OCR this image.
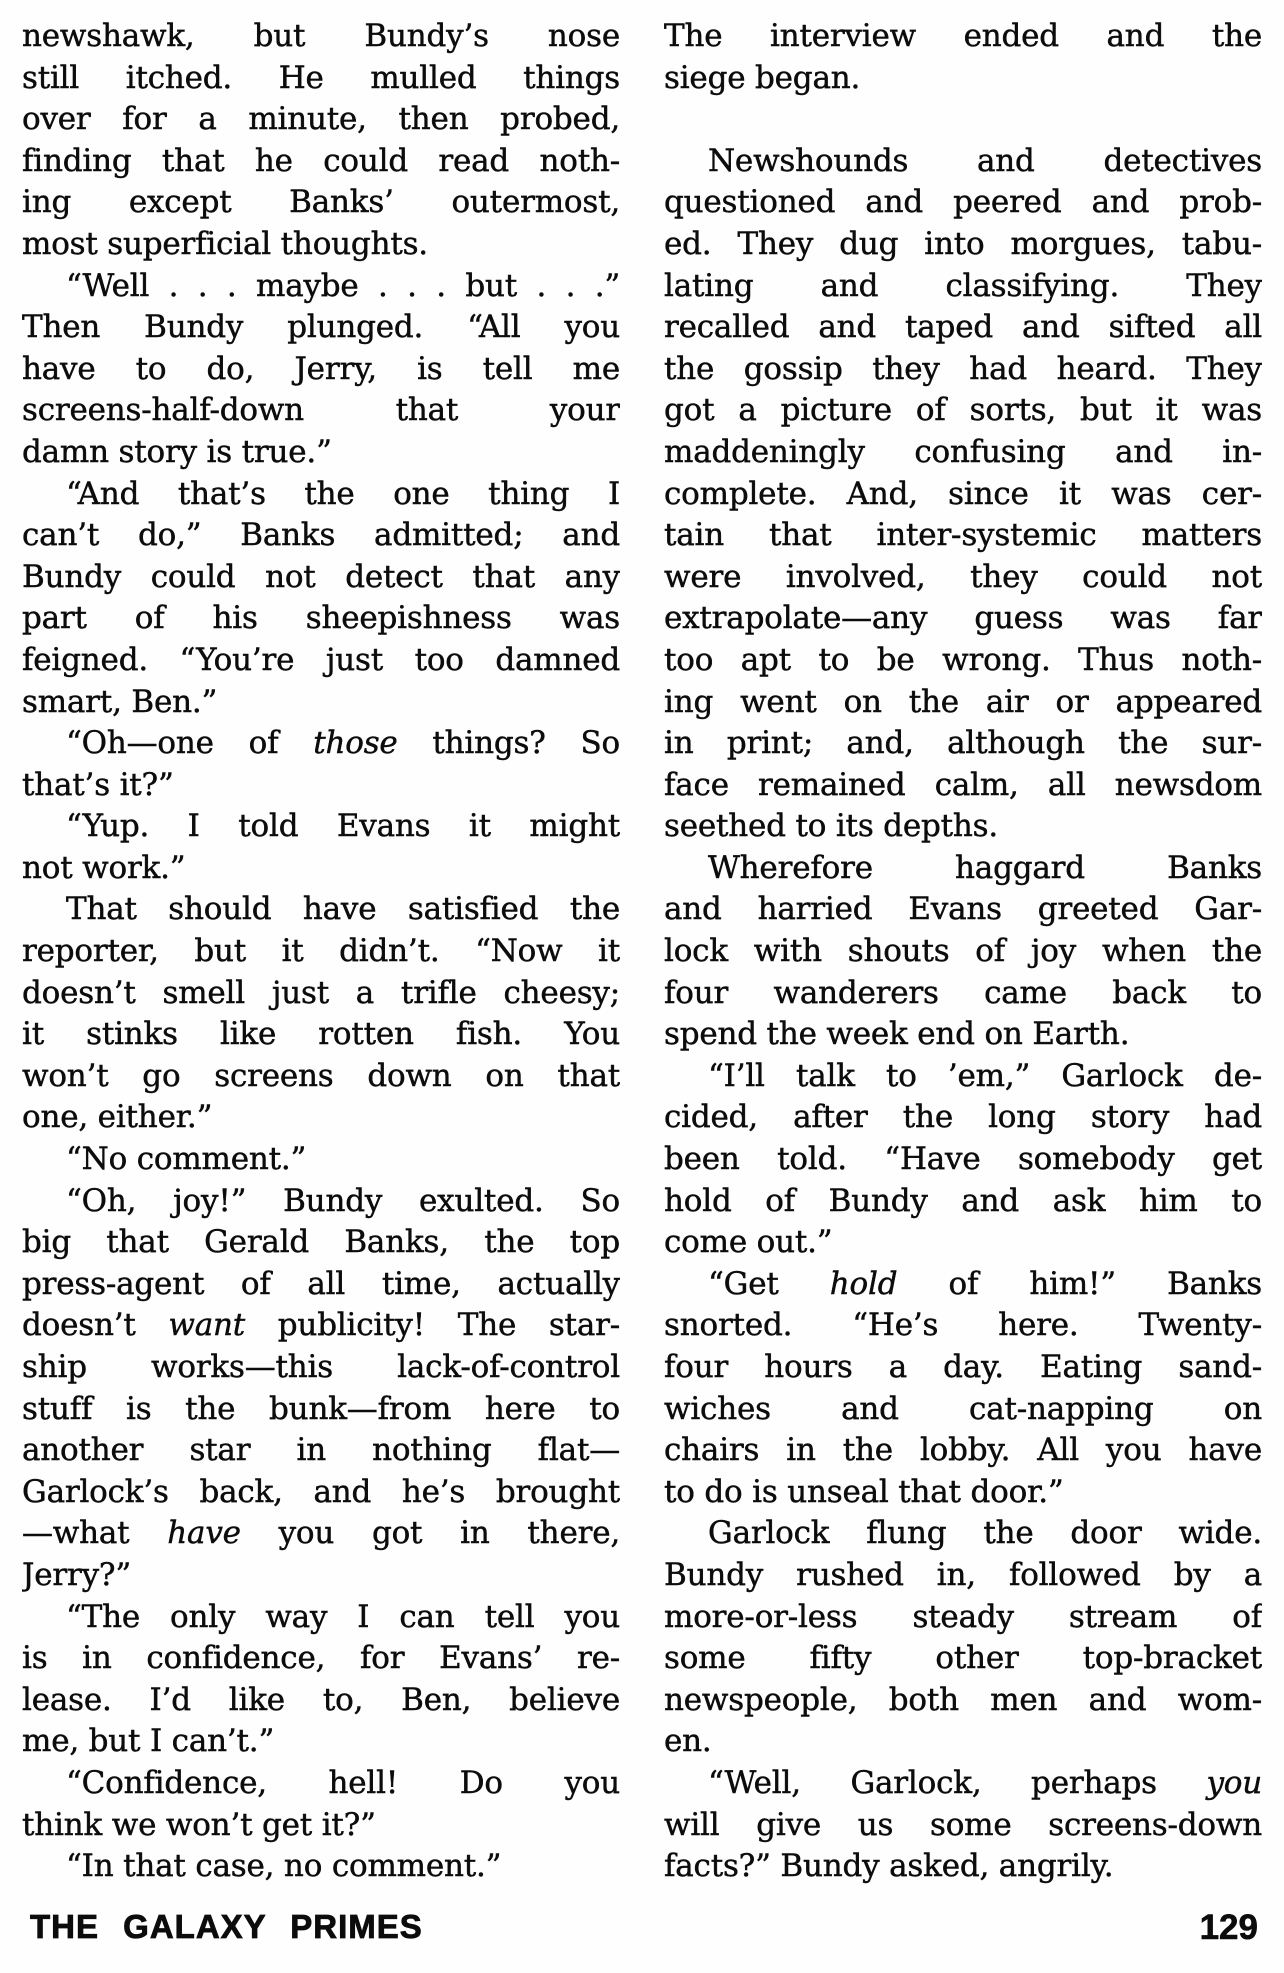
newshawk, but Bundy’s nose
still itched. He mulled things
over for a minute, then probed,
finding that he could read noth-
ing except Banks’ outermost,
most superficial thoughts.
“Well . . . maybe . . . but . . .”
Then Bundy plunged. “All you
have to do, Jerry, is tell me
screens-half-down that your
damn story is true.”
“And that’s the one thing I
can’t do,” Banks admitted; and
Bundy could not detect that any
part of his sheepishness was
feigned. “You’re just too damned
smart, Ben.”
“Oh—one of those things? So
that’s it?”
“Yup. I told Evans it might
not work.”
That should have satisfied the
reporter, but it didn’t. “Now it
doesn’t smell just a trifle cheesy;
it stinks like rotten fish. You
won’t go screens down on that
one, either.”
“No comment.”
“Oh, joy!” Bundy exulted. So
big that Gerald Banks, the top
press-agent of all time, actually
doesn’t want publicity! The star-
ship works—this lack-of-control
stuff is the bunk—from here to
another star in nothing flat—
Garlock’s back, and he’s brought
—what have you got in there,
Jerry?”
“The only way I can tell you
is in confidence, for Evans’ re-
lease. I’d like to, Ben, believe
me, but I can’t.”
“Confidence, hell! Do you
think we won’t get it?”
“In that case, no comment.”
The interview ended and the
siege began.
Newshounds and detectives
questioned and peered and prob-
ed. They dug into morgues, tabu-
lating and classifying. They
recalled and taped and sifted all
the gossip they had heard. They
got a picture of sorts, but it was
maddeningly confusing and in-
complete. And, since it was cer-
tain that inter-systemic matters
were involved, they could not
extrapolate—any guess was far
too apt to be wrong. Thus noth-
ing went on the air or appeared
in print; and, although the sur-
face remained calm, all newsdom
seethed to its depths.
Wherefore haggard Banks
and harried Evans greeted Gar-
lock with shouts of joy when the
four wanderers came back to
spend the week end on Earth.
“I’ll talk to ’em,” Garlock de-
cided, after the long story had
been told. “Have somebody get
hold of Bundy and ask him to
come out.”
“Get hold of him!” Banks
snorted. “He’s here. Twenty-
four hours a day. Eating sand-
wiches and cat-napping on
chairs in the lobby. All you have
to do is unseal that door.”
Garlock flung the door wide.
Bundy rushed in, followed by a
more-or-less steady stream of
some fifty other top-bracket
newspeople, both men and wom-
en.
“Well, Garlock, perhaps you
will give us some screens-down
facts?” Bundy asked, angrily.
THE GALAXY PRIMES	129
